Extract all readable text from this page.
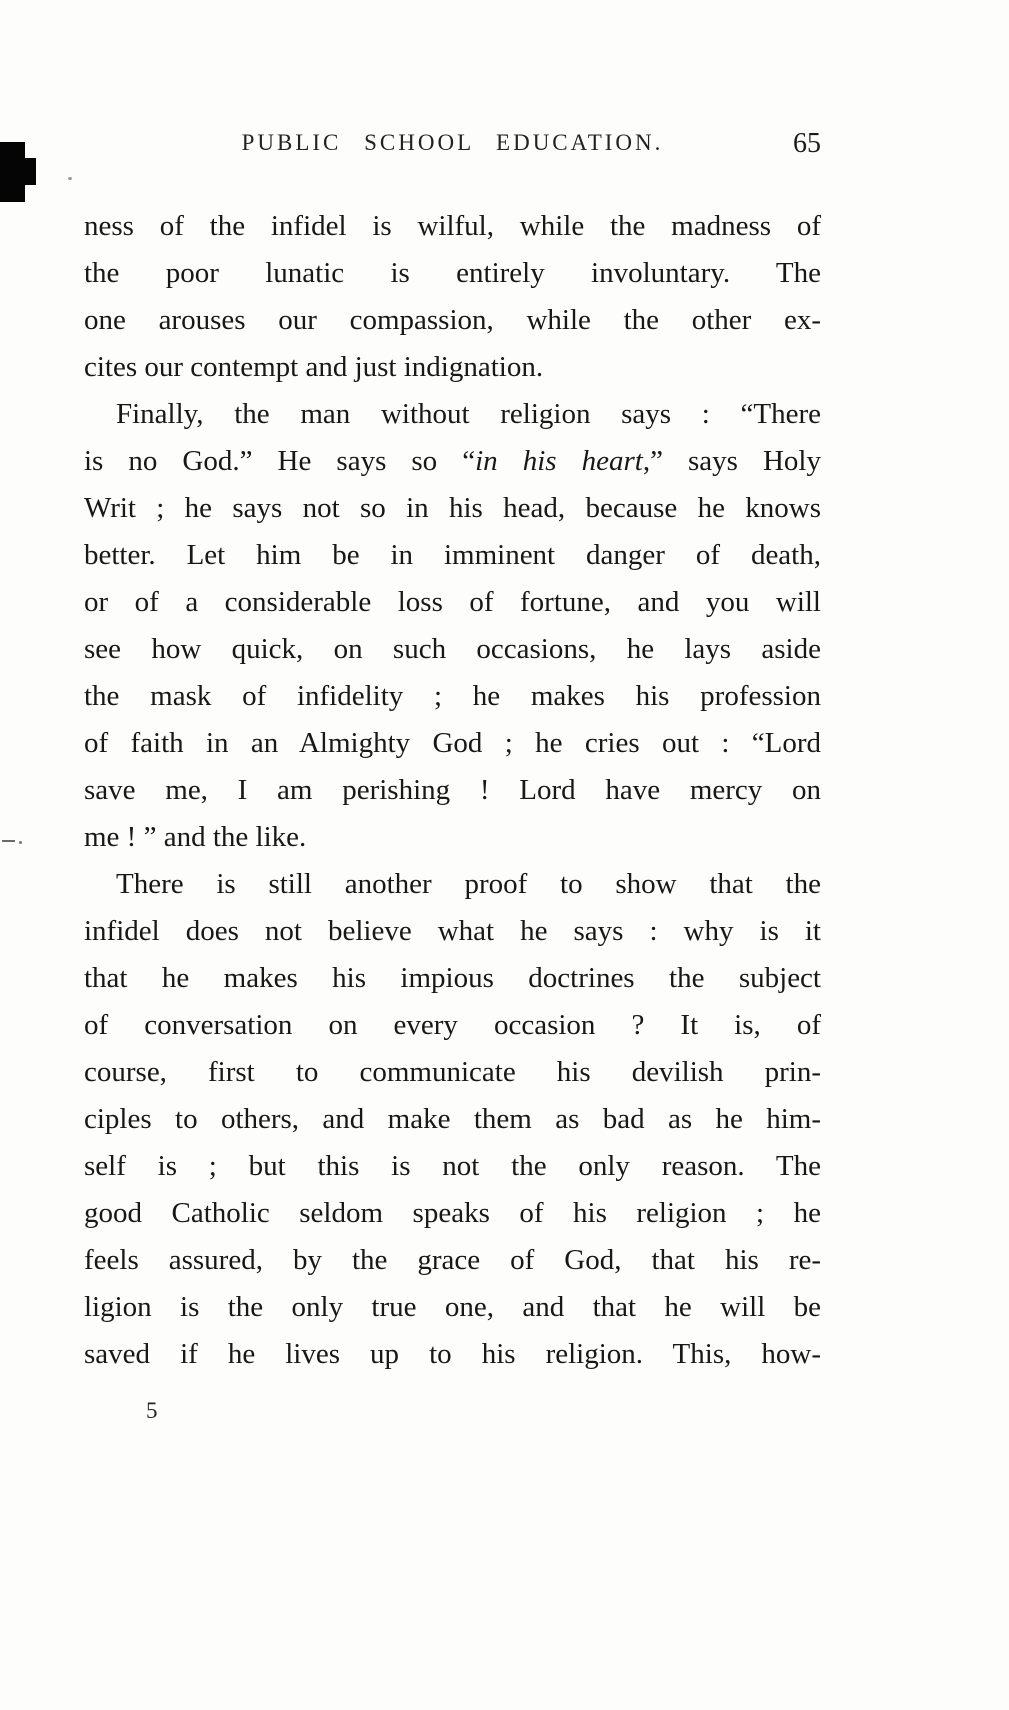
PUBLIC SCHOOL EDUCATION.	65
ness of the infidel is wilful, while the madness of
the poor lunatic is entirely involuntary. The
one arouses our compassion, while the other ex-
cites our contempt and just indignation.
Finally, the man without religion says : “There
is no God.” He says so “in his heart,” says Holy
Writ ; he says not so in his head, because he knows
better. Let him be in imminent danger of death,
or of a considerable loss of fortune, and you will
see how quick, on such occasions, he lays aside
the mask of infidelity ; he makes his profession
of faith in an Almighty God ; he cries out : “Lord
save me, I am perishing ! Lord have mercy on
me ! ” and the like.
There is still another proof to show that the
infidel does not believe what he says : why is it
that he makes his impious doctrines the subject
of conversation on every occasion ? It is, of
course, first to communicate his devilish prin-
ciples to others, and make them as bad as he him-
self is ; but this is not the only reason. The
good Catholic seldom speaks of his religion ; he
feels assured, by the grace of God, that his re-
ligion is the only true one, and that he will be
saved if he lives up to his religion. This, how-
5
